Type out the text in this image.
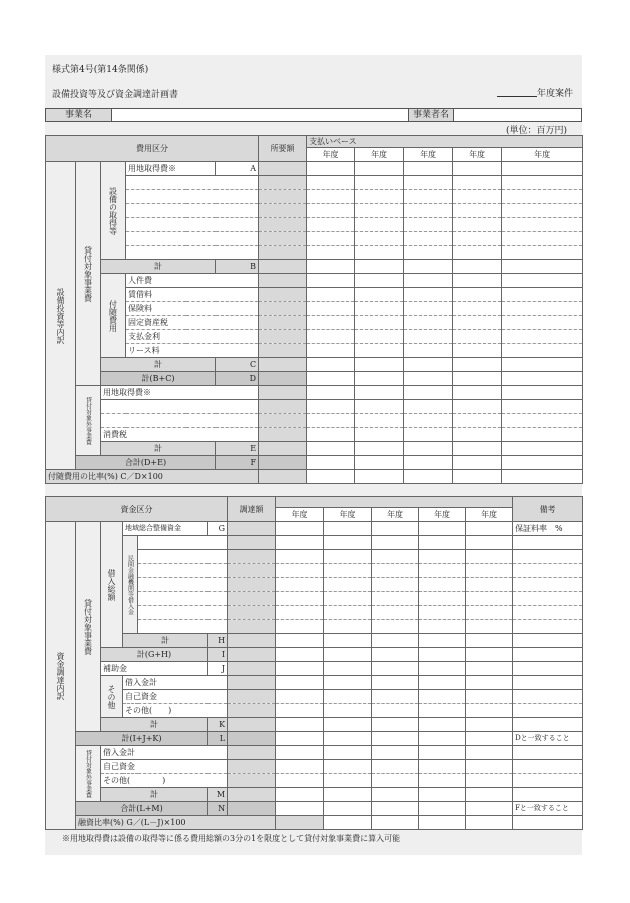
様式第4号(第14条関係)
設備投資等及び資金調達計画書	年度案件
事業名	事業者名
(単位：百万円)
費用区分					所要額	支払いベース	
						年度	年度	年度	年度	年度	
設備投資等内訳	貸付対象事業費	設備の取得等	用地取得費※	A							

		計		B							
		付随費用	人件費								
			賃借料								
			保険料								
			固定資産税								
			支払金利								
			リース料								
		計		C							
		計(B+C)		D							
	貸付対象外事業費	用地取得費※									

		消費税									
		計		E							
	合計(D+E)			F							
付随費用の比率(%) C／D×100											
資金区分						調達額						備考	
							年度	年度	年度	年度	年度		
資金調達内訳	貸付対象事業費	借入総額	地域総合整備資金		G							保証料率　%	
			民間金融機関等借入金										

			計		H								
		計(G+H)			I								
		補助金			J								
		その他	借入金計										
			自己資金										
			その他(　　)										
		計			K								
	計(I+J+K)				L							Dと一致すること	
	貸付対象外事業費	借入金計											
		自己資金											
		その他(　　　　)											
		計			M								
	合計(L+M)				N							Fと一致すること	
	融資比率(%) G／(L－J)×100												
※用地取得費は設備の取得等に係る費用総額の3分の1を限度として貸付対象事業費に算入可能
